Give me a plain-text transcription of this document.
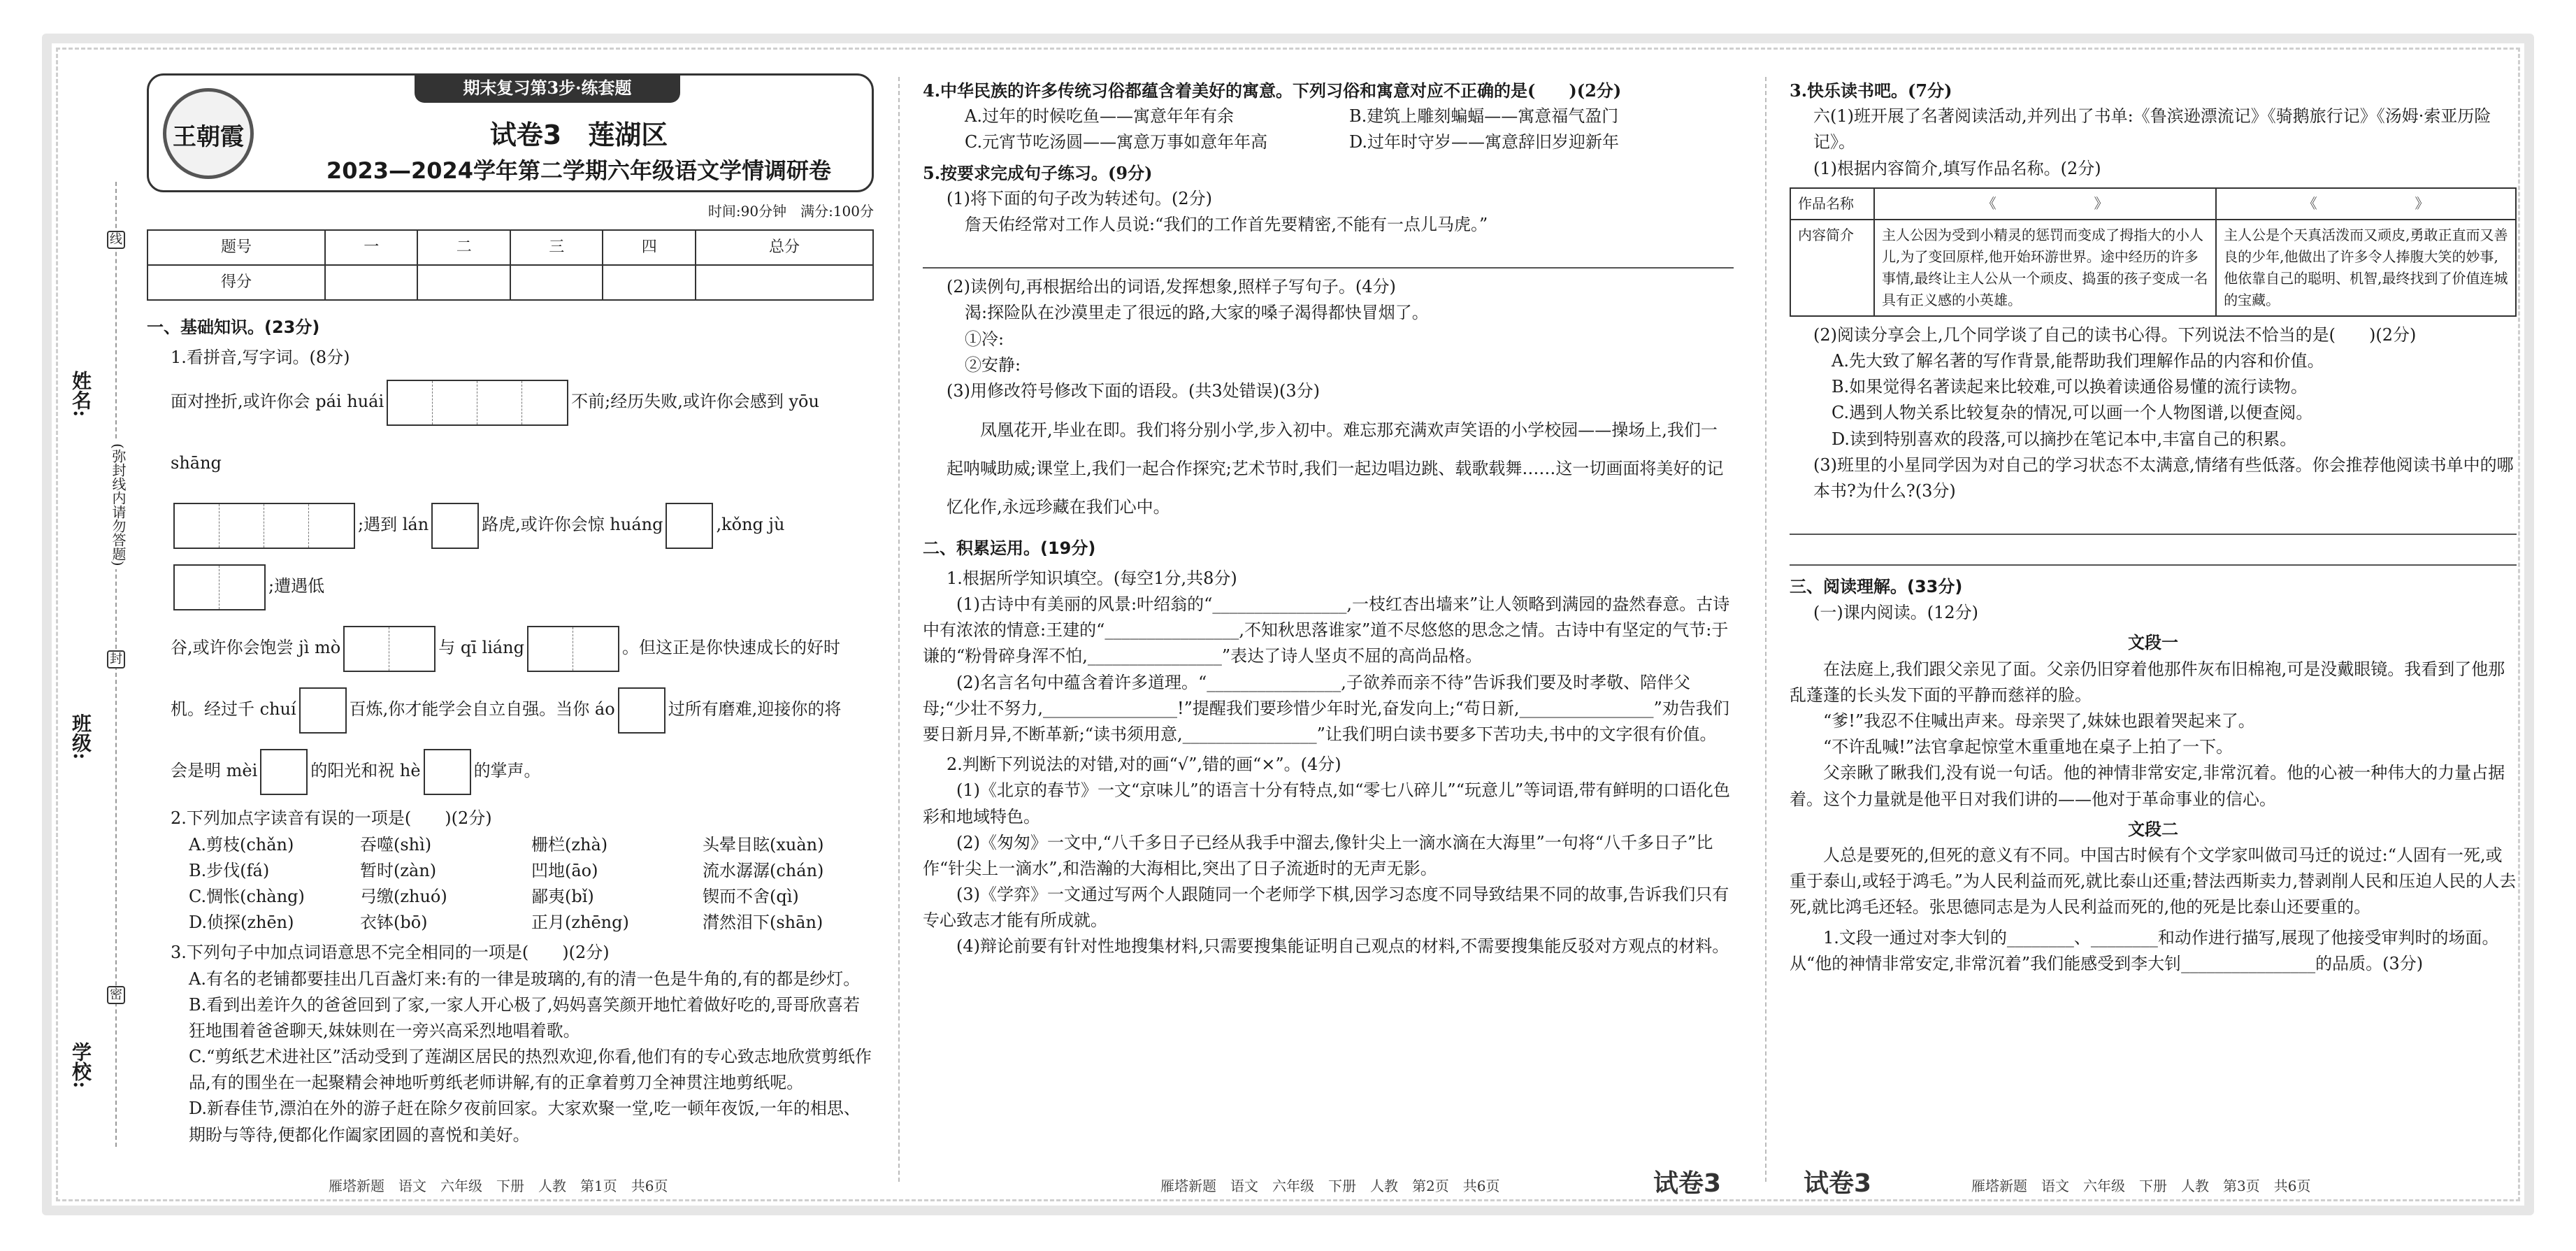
线
姓名:
(弥封线内请勿答题)
封
班级:
密
学校:
期末复习第3步·练套题
王朝霞	试卷3　莲湖区
2023—2024学年第二学期六年级语文学情调研卷
时间:90分钟　满分:100分
题号	一	二	三	四	总分
得分					
一、基础知识。(23分)
1.看拼音,写字词。(8分)
面对挫折,或许你会 pái huái	不前;经历失败,或许你会感到 yōu shāng
;遇到 lán	路虎,或许你会惊 huáng	,kǒng jù;遭遇低
谷,或许你会饱尝 jì mò	与 qī liáng	。但这正是你快速成长的好时
机。经过千 chuí	百炼,你才能学会自立自强。当你 áo	过所有磨难,迎接你的将
会是明 mèi	的阳光和祝 hè	的掌声。
2.下列加点字读音有误的一项是(　　)(2分)
A.剪枝(chǎn)	吞噬(shì)	栅栏(zhà)	头晕目眩(xuàn)
B.步伐(fá)	暂时(zàn)	凹地(āo)	流水潺潺(chán)
C.惆怅(chàng)	弓缴(zhuó)	鄙夷(bǐ)	锲而不舍(qì)
D.侦探(zhēn)	衣钵(bō)	正月(zhēng)	潸然泪下(shān)
3.下列句子中加点词语意思不完全相同的一项是(　　)(2分)
A.有名的老铺都要挂出几百盏灯来:有的一律是玻璃的,有的清一色是牛角的,有的都是纱灯。
B.看到出差许久的爸爸回到了家,一家人开心极了,妈妈喜笑颜开地忙着做好吃的,哥哥欣喜若狂地围着爸爸聊天,妹妹则在一旁兴高采烈地唱着歌。
C.“剪纸艺术进社区”活动受到了莲湖区居民的热烈欢迎,你看,他们有的专心致志地欣赏剪纸作品,有的围坐在一起聚精会神地听剪纸老师讲解,有的正拿着剪刀全神贯注地剪纸呢。
D.新春佳节,漂泊在外的游子赶在除夕夜前回家。大家欢聚一堂,吃一顿年夜饭,一年的相思、期盼与等待,便都化作阖家团圆的喜悦和美好。
雁塔新题　语文　六年级　下册　人教　第1页　共6页
4.中华民族的许多传统习俗都蕴含着美好的寓意。下列习俗和寓意对应不正确的是(　　)(2分)
A.过年的时候吃鱼——寓意年年有余	B.建筑上雕刻蝙蝠——寓意福气盈门
C.元宵节吃汤圆——寓意万事如意年年高	D.过年时守岁——寓意辞旧岁迎新年
5.按要求完成句子练习。(9分)
(1)将下面的句子改为转述句。(2分)
詹天佑经常对工作人员说:“我们的工作首先要精密,不能有一点儿马虎。”
(2)读例句,再根据给出的词语,发挥想象,照样子写句子。(4分)
渴:探险队在沙漠里走了很远的路,大家的嗓子渴得都快冒烟了。
①冷:
②安静:
(3)用修改符号修改下面的语段。(共3处错误)(3分)
凤凰花开,毕业在即。我们将分别小学,步入初中。难忘那充满欢声笑语的小学校园——操场上,我们一起呐喊助威;课堂上,我们一起合作探究;艺术节时,我们一起边唱边跳、载歌载舞……这一切画面将美好的记忆化作,永远珍藏在我们心中。
二、积累运用。(19分)
1.根据所学知识填空。(每空1分,共8分)
(1)古诗中有美丽的风景:叶绍翁的“________________,一枝红杏出墙来”让人领略到满园的盎然春意。古诗中有浓浓的情意:王建的“________________,不知秋思落谁家”道不尽悠悠的思念之情。古诗中有坚定的气节:于谦的“粉骨碎身浑不怕,________________”表达了诗人坚贞不屈的高尚品格。
(2)名言名句中蕴含着许多道理。“________________,子欲养而亲不待”告诉我们要及时孝敬、陪伴父母;“少壮不努力,________________!”提醒我们要珍惜少年时光,奋发向上;“苟日新,________________”劝告我们要日新月异,不断革新;“读书须用意,________________”让我们明白读书要多下苦功夫,书中的文字很有价值。
2.判断下列说法的对错,对的画“√”,错的画“×”。(4分)
(1)《北京的春节》一文“京味儿”的语言十分有特点,如“零七八碎儿”“玩意儿”等词语,带有鲜明的口语化色彩和地域特色。
(2)《匆匆》一文中,“八千多日子已经从我手中溜去,像针尖上一滴水滴在大海里”一句将“八千多日子”比作“针尖上一滴水”,和浩瀚的大海相比,突出了日子流逝时的无声无影。
(3)《学弈》一文通过写两个人跟随同一个老师学下棋,因学习态度不同导致结果不同的故事,告诉我们只有专心致志才能有所成就。
(4)辩论前要有针对性地搜集材料,只需要搜集能证明自己观点的材料,不需要搜集能反驳对方观点的材料。
雁塔新题　语文　六年级　下册　人教　第2页　共6页	试卷3
3.快乐读书吧。(7分)
六(1)班开展了名著阅读活动,并列出了书单:《鲁滨逊漂流记》《骑鹅旅行记》《汤姆·索亚历险记》。
(1)根据内容简介,填写作品名称。(2分)
作品名称	《　　　　　　　》	《　　　　　　　》
内容简介	主人公因为受到小精灵的惩罚而变成了拇指大的小人儿,为了变回原样,他开始环游世界。途中经历的许多事情,最终让主人公从一个顽皮、捣蛋的孩子变成一名具有正义感的小英雄。	主人公是个天真活泼而又顽皮,勇敢正直而又善良的少年,他做出了许多令人捧腹大笑的妙事,他依靠自己的聪明、机智,最终找到了价值连城的宝藏。
(2)阅读分享会上,几个同学谈了自己的读书心得。下列说法不恰当的是(　　)(2分)
A.先大致了解名著的写作背景,能帮助我们理解作品的内容和价值。
B.如果觉得名著读起来比较难,可以换着读通俗易懂的流行读物。
C.遇到人物关系比较复杂的情况,可以画一个人物图谱,以便查阅。
D.读到特别喜欢的段落,可以摘抄在笔记本中,丰富自己的积累。
(3)班里的小星同学因为对自己的学习状态不太满意,情绪有些低落。你会推荐他阅读书单中的哪本书?为什么?(3分)
三、阅读理解。(33分)
(一)课内阅读。(12分)
文段一
在法庭上,我们跟父亲见了面。父亲仍旧穿着他那件灰布旧棉袍,可是没戴眼镜。我看到了他那乱蓬蓬的长头发下面的平静而慈祥的脸。
“爹!”我忍不住喊出声来。母亲哭了,妹妹也跟着哭起来了。
“不许乱喊!”法官拿起惊堂木重重地在桌子上拍了一下。
父亲瞅了瞅我们,没有说一句话。他的神情非常安定,非常沉着。他的心被一种伟大的力量占据着。这个力量就是他平日对我们讲的——他对于革命事业的信心。
文段二
人总是要死的,但死的意义有不同。中国古时候有个文学家叫做司马迁的说过:“人固有一死,或重于泰山,或轻于鸿毛。”为人民利益而死,就比泰山还重;替法西斯卖力,替剥削人民和压迫人民的人去死,就比鸿毛还轻。张思德同志是为人民利益而死的,他的死是比泰山还要重的。
1.文段一通过对李大钊的________、________和动作进行描写,展现了他接受审判时的场面。从“他的神情非常安定,非常沉着”我们能感受到李大钊________________的品质。(3分)
试卷3	雁塔新题　语文　六年级　下册　人教　第3页　共6页
